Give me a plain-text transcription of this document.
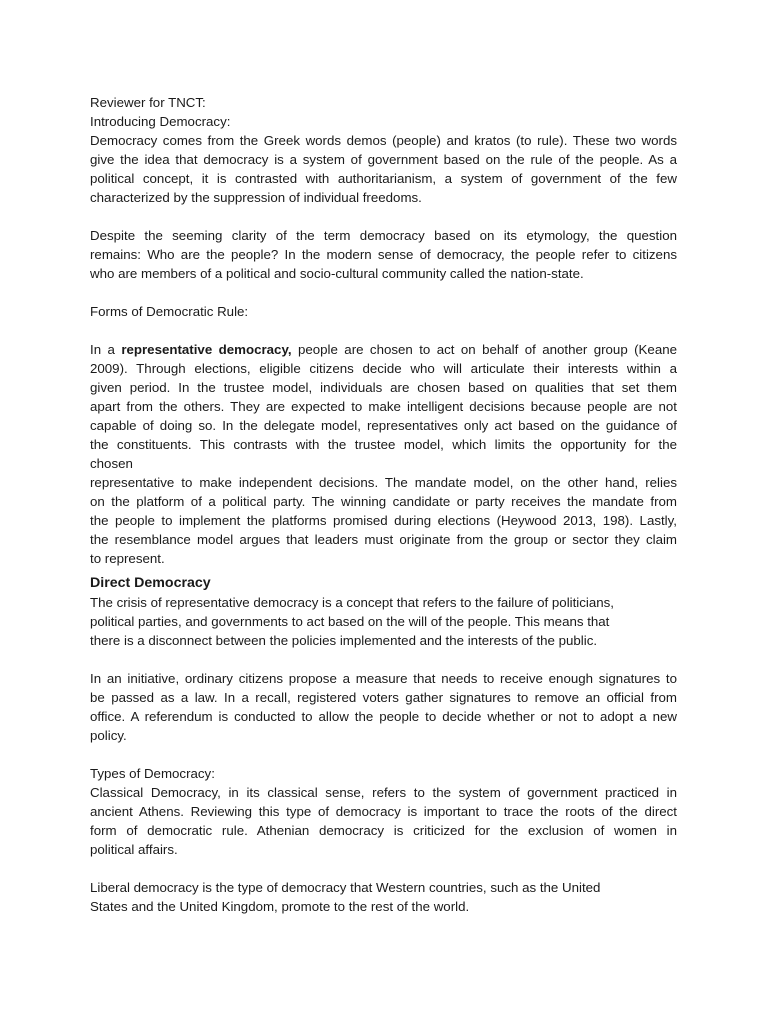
Reviewer for TNCT:
Introducing Democracy:
Democracy comes from the Greek words demos (people) and kratos (to rule). These two words
give the idea that democracy is a system of government based on the rule of the people. As a
political concept, it is contrasted with authoritarianism, a system of government of the few
characterized by the suppression of individual freedoms.
Despite the seeming clarity of the term democracy based on its etymology, the question
remains: Who are the people? In the modern sense of democracy, the people refer to citizens
who are members of a political and socio-cultural community called the nation-state.
Forms of Democratic Rule:
In a representative democracy, people are chosen to act on behalf of another group (Keane
2009). Through elections, eligible citizens decide who will articulate their interests within a
given period. In the trustee model, individuals are chosen based on qualities that set them
apart from the others. They are expected to make intelligent decisions because people are not
capable of doing so. In the delegate model, representatives only act based on the guidance of
the constituents. This contrasts with the trustee model, which limits the opportunity for the
chosen
representative to make independent decisions. The mandate model, on the other hand, relies
on the platform of a political party. The winning candidate or party receives the mandate from
the people to implement the platforms promised during elections (Heywood 2013, 198). Lastly,
the resemblance model argues that leaders must originate from the group or sector they claim
to represent.
Direct Democracy
The crisis of representative democracy is a concept that refers to the failure of politicians,
political parties, and governments to act based on the will of the people. This means that
there is a disconnect between the policies implemented and the interests of the public.
In an initiative, ordinary citizens propose a measure that needs to receive enough signatures to
be passed as a law. In a recall, registered voters gather signatures to remove an official from
office. A referendum is conducted to allow the people to decide whether or not to adopt a new
policy.
Types of Democracy:
Classical Democracy, in its classical sense, refers to the system of government practiced in
ancient Athens. Reviewing this type of democracy is important to trace the roots of the direct
form of democratic rule. Athenian democracy is criticized for the exclusion of women in
political affairs.
Liberal democracy is the type of democracy that Western countries, such as the United
States and the United Kingdom, promote to the rest of the world.
